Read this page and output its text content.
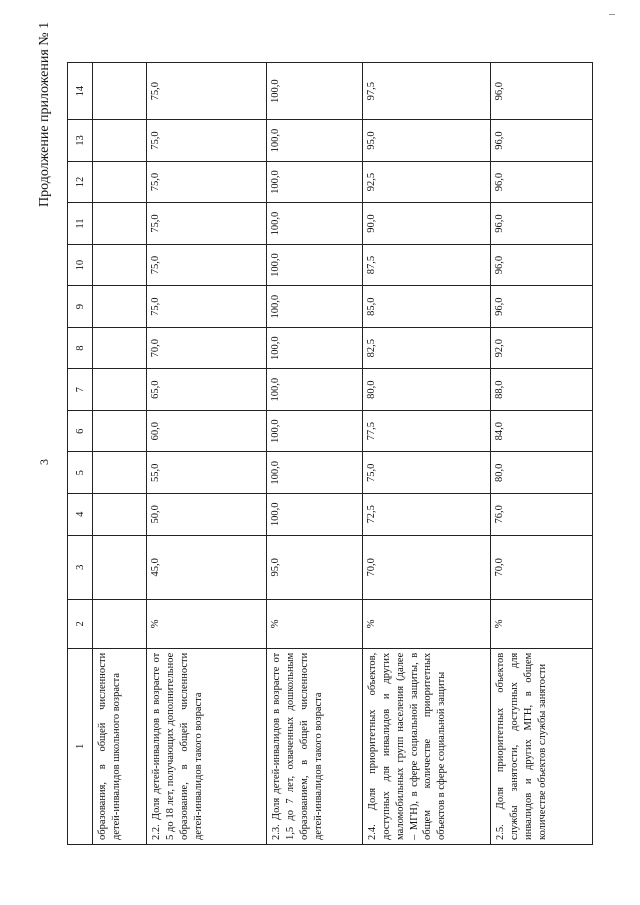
3
Продолжение приложения № 1
1	2	3	4	5	6	7	8	9	10	11	12	13	14
образования, в общей численности детей-инвалидов школьного возраста													
2.2. Доля детей-инвалидов в возрасте от 5 до 18 лет, получающих дополнительное образование, в общей численности детей-инвалидов такого возраста	%	45,0	50,0	55,0	60,0	65,0	70,0	75,0	75,0	75,0	75,0	75,0	75,0
2.3. Доля детей-инвалидов в возрасте от 1,5 до 7 лет, охваченных дошкольным образованием, в общей численности детей-инвалидов такого возраста	%	95,0	100,0	100,0	100,0	100,0	100,0	100,0	100,0	100,0	100,0	100,0	100,0
2.4. Доля приоритетных объектов, доступных для инвалидов и других маломобильных групп населения (далее – МГН), в сфере социальной защиты, в общем количестве приоритетных объектов в сфере социальной защиты	%	70,0	72,5	75,0	77,5	80,0	82,5	85,0	87,5	90,0	92,5	95,0	97,5
2.5. Доля приоритетных объектов службы занятости, доступных для инвалидов и других МГН, в общем количестве объектов службы занятости	%	70,0	76,0	80,0	84,0	88,0	92,0	96,0	96,0	96,0	96,0	96,0	96,0
